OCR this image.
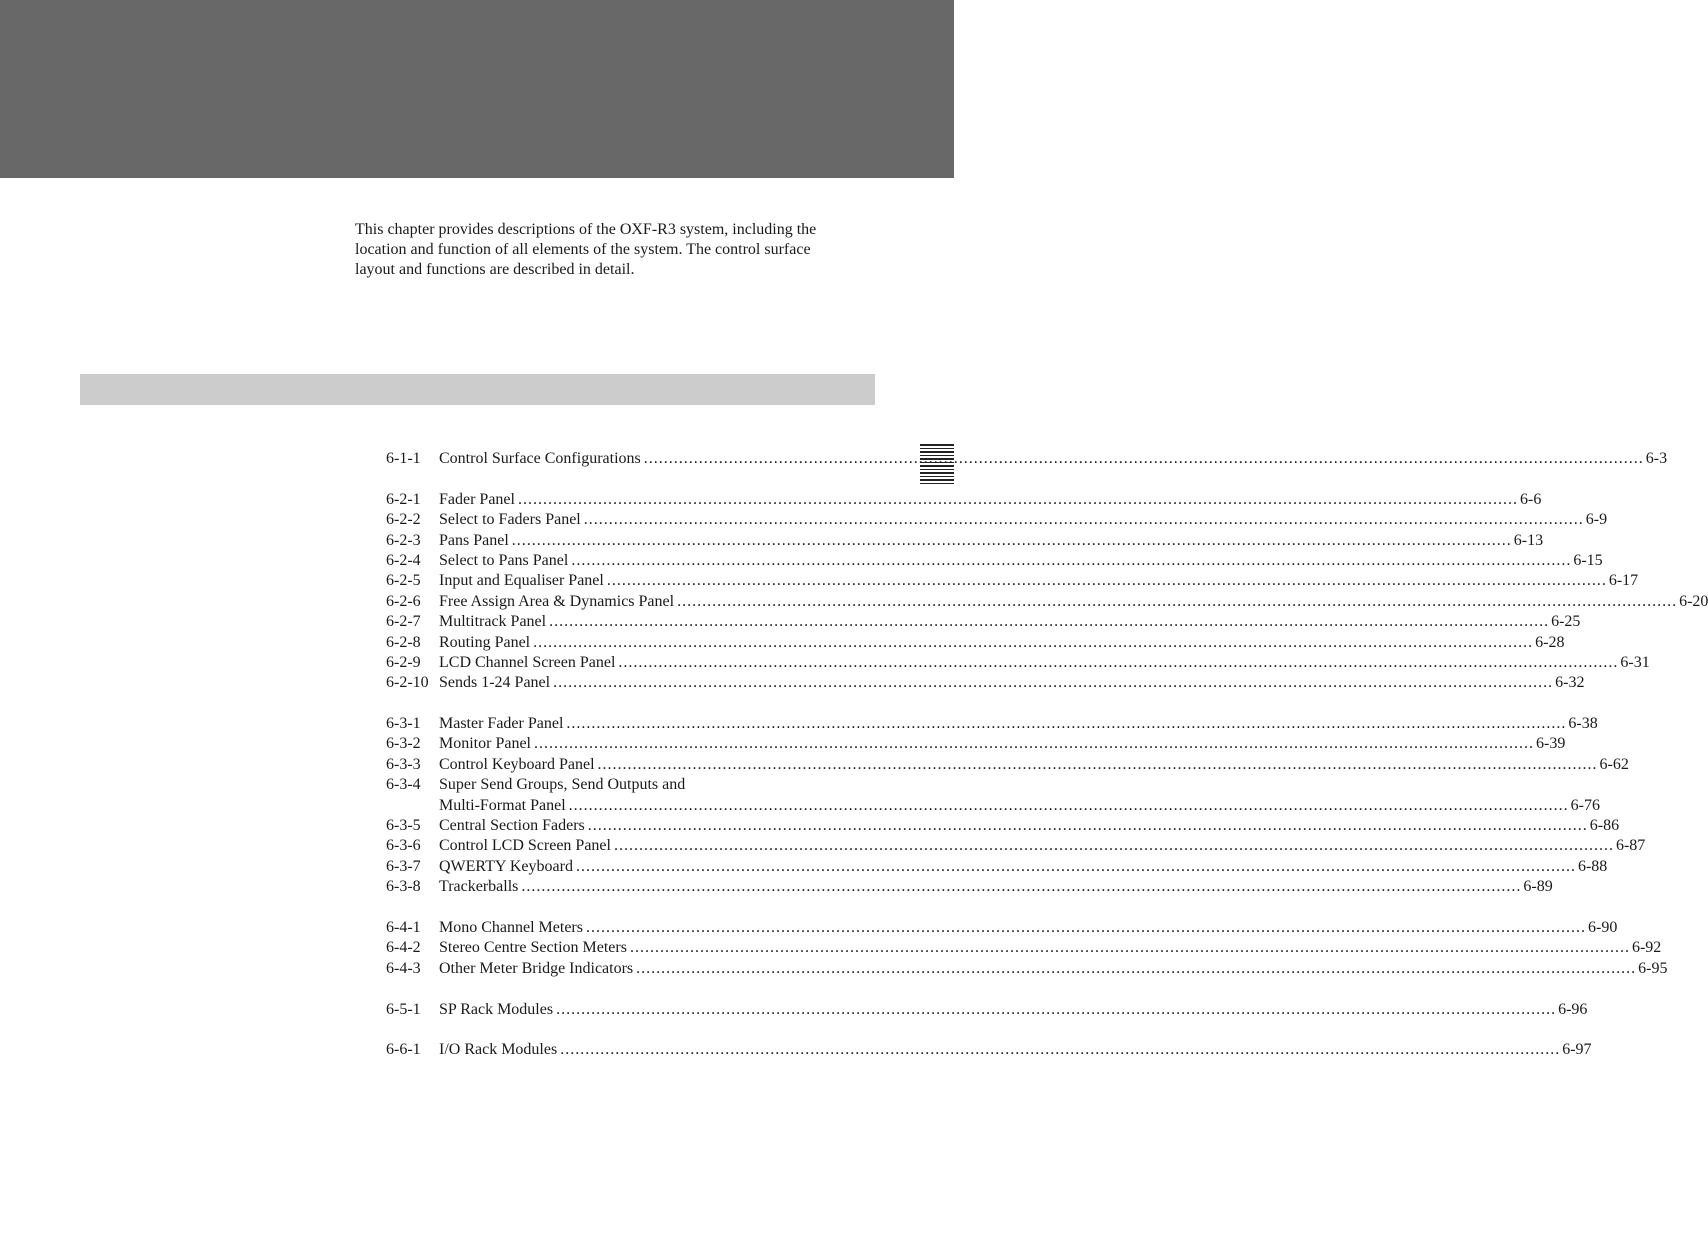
This chapter provides descriptions of the OXF-R3 system, including the
location and function of all elements of the system. The control surface
layout and functions are described in detail.
6-1-1 Control Surface Configurations ........................................................................................................................................................................................................ 6-3
6-2-1 Fader Panel ........................................................................................................................................................................................................ 6-6
6-2-2 Select to Faders Panel ........................................................................................................................................................................................................ 6-9
6-2-3 Pans Panel ........................................................................................................................................................................................................ 6-13
6-2-4 Select to Pans Panel ........................................................................................................................................................................................................ 6-15
6-2-5 Input and Equaliser Panel ........................................................................................................................................................................................................ 6-17
6-2-6 Free Assign Area & Dynamics Panel ........................................................................................................................................................................................................ 6-20
6-2-7 Multitrack Panel ........................................................................................................................................................................................................ 6-25
6-2-8 Routing Panel ........................................................................................................................................................................................................ 6-28
6-2-9 LCD Channel Screen Panel ........................................................................................................................................................................................................ 6-31
6-2-10 Sends 1-24 Panel ........................................................................................................................................................................................................ 6-32
6-3-1 Master Fader Panel ........................................................................................................................................................................................................ 6-38
6-3-2 Monitor Panel ........................................................................................................................................................................................................ 6-39
6-3-3 Control Keyboard Panel ........................................................................................................................................................................................................ 6-62
6-3-4 Super Send Groups, Send Outputs and
Multi-Format Panel ........................................................................................................................................................................................................ 6-76
6-3-5 Central Section Faders ........................................................................................................................................................................................................ 6-86
6-3-6 Control LCD Screen Panel ........................................................................................................................................................................................................ 6-87
6-3-7 QWERTY Keyboard ........................................................................................................................................................................................................ 6-88
6-3-8 Trackerballs ........................................................................................................................................................................................................ 6-89
6-4-1 Mono Channel Meters ........................................................................................................................................................................................................ 6-90
6-4-2 Stereo Centre Section Meters ........................................................................................................................................................................................................ 6-92
6-4-3 Other Meter Bridge Indicators ........................................................................................................................................................................................................ 6-95
6-5-1 SP Rack Modules ........................................................................................................................................................................................................ 6-96
6-6-1 I/O Rack Modules ........................................................................................................................................................................................................ 6-97
